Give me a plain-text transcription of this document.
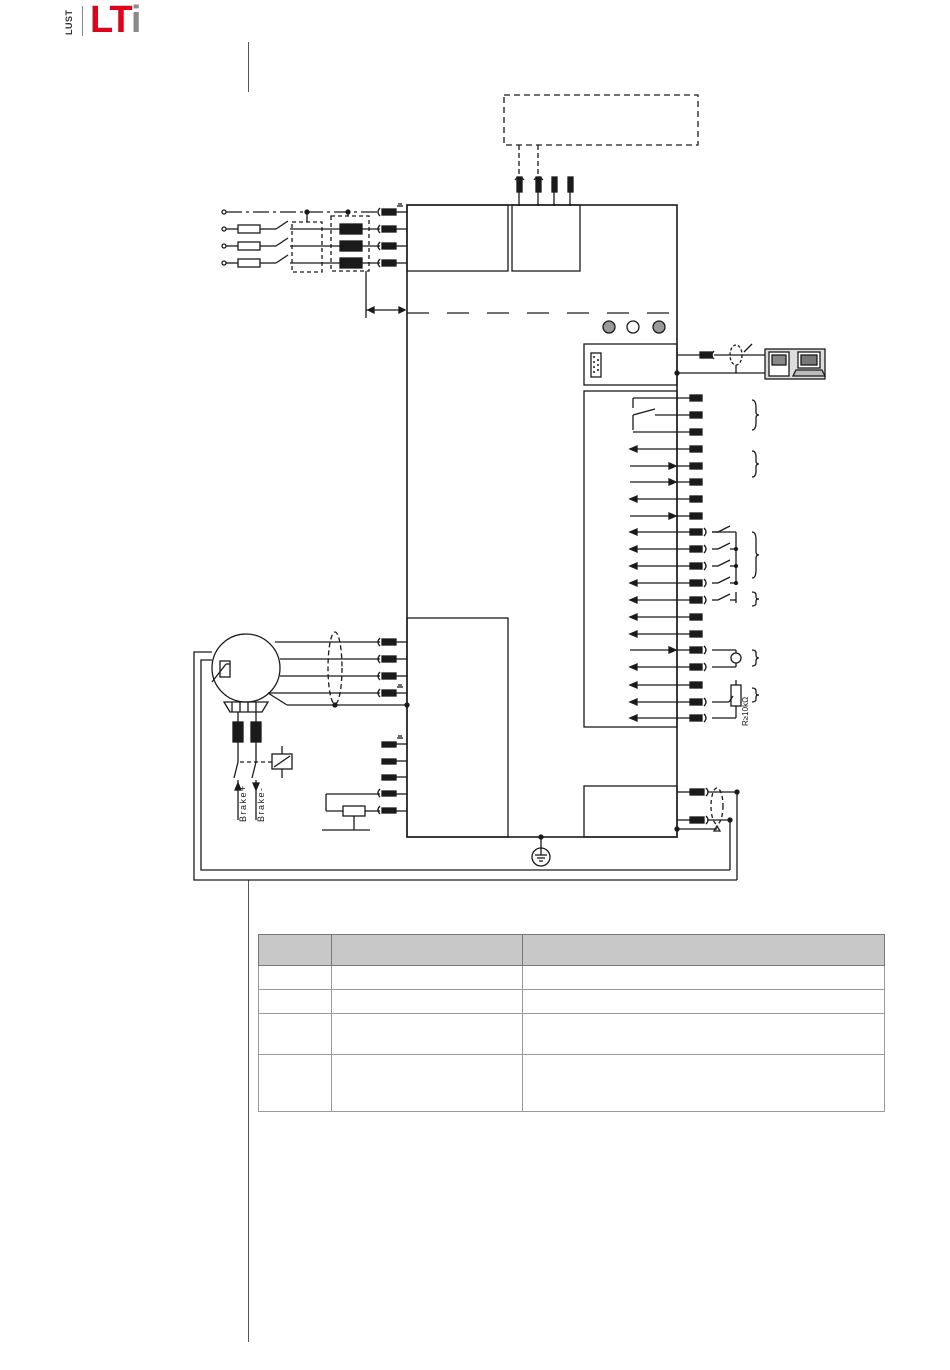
LUST LTi
R≥10kΩ
Brake+ Brake-
